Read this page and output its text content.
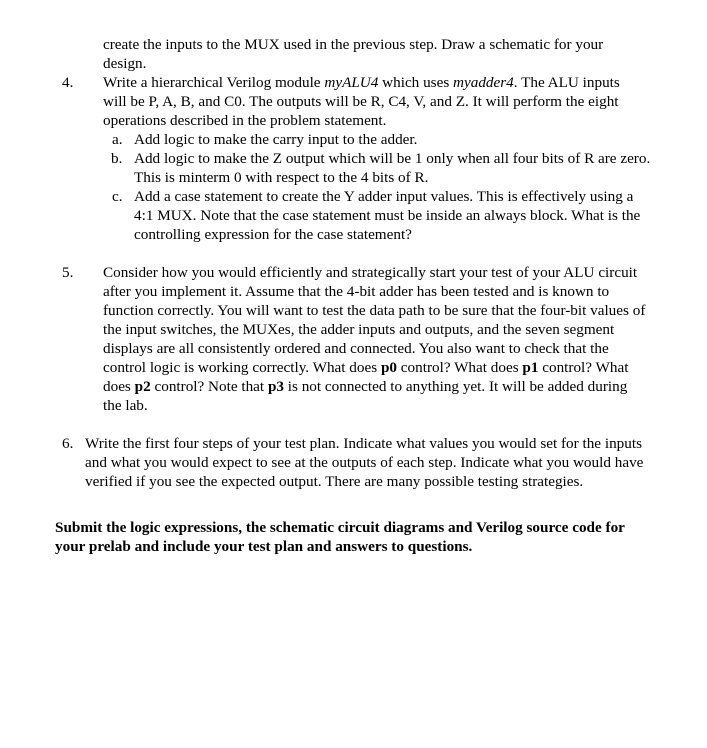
create the inputs to the MUX used in the previous step. Draw a schematic for your
design.
4. Write a hierarchical Verilog module myALU4 which uses myadder4. The ALU inputs
will be P, A, B, and C0. The outputs will be R, C4, V, and Z. It will perform the eight
operations described in the problem statement.
a. Add logic to make the carry input to the adder.
b. Add logic to make the Z output which will be 1 only when all four bits of R are zero.
This is minterm 0 with respect to the 4 bits of R.
c. Add a case statement to create the Y adder input values. This is effectively using a
4:1 MUX. Note that the case statement must be inside an always block. What is the
controlling expression for the case statement?
5. Consider how you would efficiently and strategically start your test of your ALU circuit
after you implement it. Assume that the 4-bit adder has been tested and is known to
function correctly. You will want to test the data path to be sure that the four-bit values of
the input switches, the MUXes, the adder inputs and outputs, and the seven segment
displays are all consistently ordered and connected. You also want to check that the
control logic is working correctly. What does p0 control? What does p1 control? What
does p2 control? Note that p3 is not connected to anything yet. It will be added during
the lab.
6. Write the first four steps of your test plan. Indicate what values you would set for the inputs
and what you would expect to see at the outputs of each step. Indicate what you would have
verified if you see the expected output. There are many possible testing strategies.
Submit the logic expressions, the schematic circuit diagrams and Verilog source code for
your prelab and include your test plan and answers to questions.
